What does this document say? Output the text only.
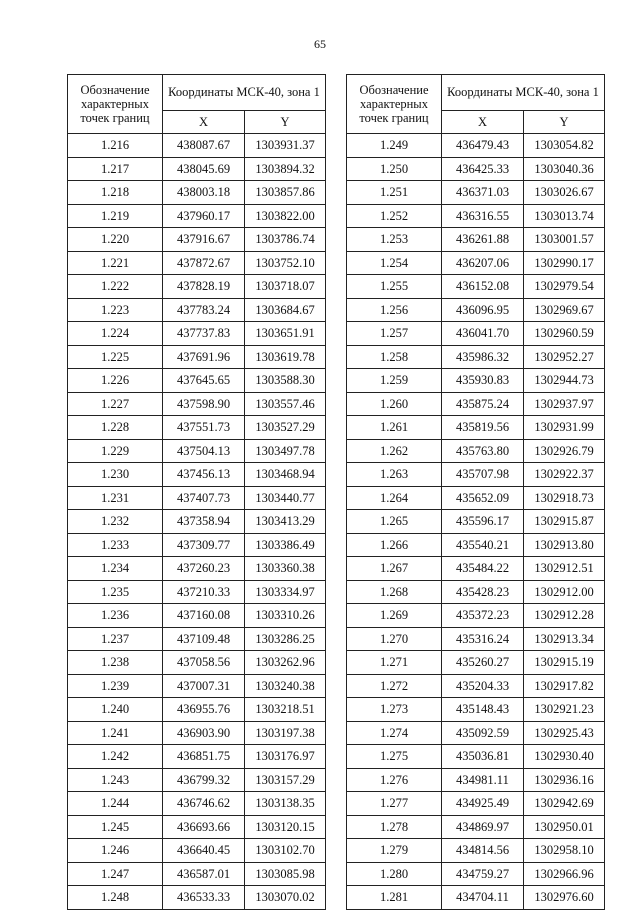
65
Обозначение характерных точек границ	Координаты МСК-40, зона 1	
	X	Y
1.216	438087.67	1303931.37
1.217	438045.69	1303894.32
1.218	438003.18	1303857.86
1.219	437960.17	1303822.00
1.220	437916.67	1303786.74
1.221	437872.67	1303752.10
1.222	437828.19	1303718.07
1.223	437783.24	1303684.67
1.224	437737.83	1303651.91
1.225	437691.96	1303619.78
1.226	437645.65	1303588.30
1.227	437598.90	1303557.46
1.228	437551.73	1303527.29
1.229	437504.13	1303497.78
1.230	437456.13	1303468.94
1.231	437407.73	1303440.77
1.232	437358.94	1303413.29
1.233	437309.77	1303386.49
1.234	437260.23	1303360.38
1.235	437210.33	1303334.97
1.236	437160.08	1303310.26
1.237	437109.48	1303286.25
1.238	437058.56	1303262.96
1.239	437007.31	1303240.38
1.240	436955.76	1303218.51
1.241	436903.90	1303197.38
1.242	436851.75	1303176.97
1.243	436799.32	1303157.29
1.244	436746.62	1303138.35
1.245	436693.66	1303120.15
1.246	436640.45	1303102.70
1.247	436587.01	1303085.98
1.248	436533.33	1303070.02
Обозначение характерных точек границ	Координаты МСК-40, зона 1	
	X	Y
1.249	436479.43	1303054.82
1.250	436425.33	1303040.36
1.251	436371.03	1303026.67
1.252	436316.55	1303013.74
1.253	436261.88	1303001.57
1.254	436207.06	1302990.17
1.255	436152.08	1302979.54
1.256	436096.95	1302969.67
1.257	436041.70	1302960.59
1.258	435986.32	1302952.27
1.259	435930.83	1302944.73
1.260	435875.24	1302937.97
1.261	435819.56	1302931.99
1.262	435763.80	1302926.79
1.263	435707.98	1302922.37
1.264	435652.09	1302918.73
1.265	435596.17	1302915.87
1.266	435540.21	1302913.80
1.267	435484.22	1302912.51
1.268	435428.23	1302912.00
1.269	435372.23	1302912.28
1.270	435316.24	1302913.34
1.271	435260.27	1302915.19
1.272	435204.33	1302917.82
1.273	435148.43	1302921.23
1.274	435092.59	1302925.43
1.275	435036.81	1302930.40
1.276	434981.11	1302936.16
1.277	434925.49	1302942.69
1.278	434869.97	1302950.01
1.279	434814.56	1302958.10
1.280	434759.27	1302966.96
1.281	434704.11	1302976.60
